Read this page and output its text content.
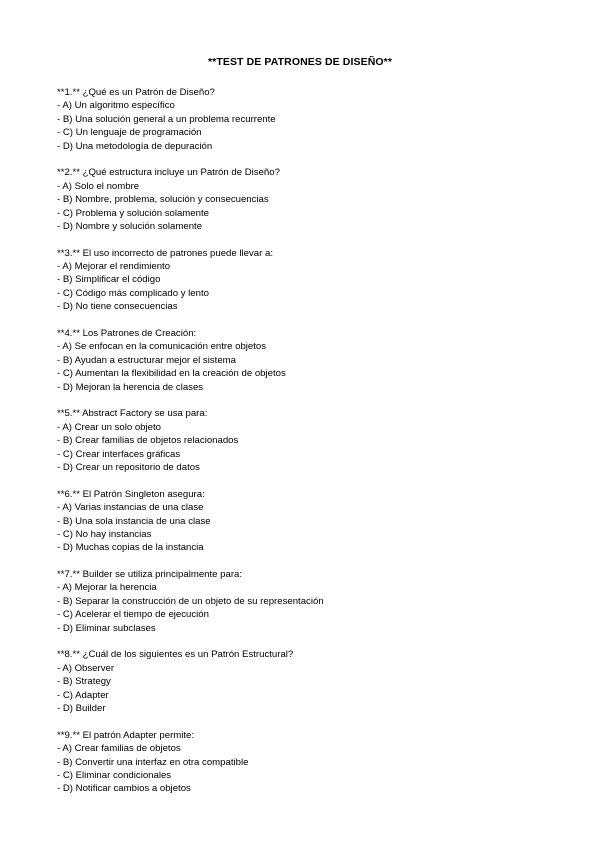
**TEST DE PATRONES DE DISEÑO**
**1.** ¿Qué es un Patrón de Diseño?
- A) Un algoritmo específico
- B) Una solución general a un problema recurrente
- C) Un lenguaje de programación
- D) Una metodología de depuración
**2.** ¿Qué estructura incluye un Patrón de Diseño?
- A) Solo el nombre
- B) Nombre, problema, solución y consecuencias
- C) Problema y solución solamente
- D) Nombre y solución solamente
**3.** El uso incorrecto de patrones puede llevar a:
- A) Mejorar el rendimiento
- B) Simplificar el código
- C) Código más complicado y lento
- D) No tiene consecuencias
**4.** Los Patrones de Creación:
- A) Se enfocan en la comunicación entre objetos
- B) Ayudan a estructurar mejor el sistema
- C) Aumentan la flexibilidad en la creación de objetos
- D) Mejoran la herencia de clases
**5.** Abstract Factory se usa para:
- A) Crear un solo objeto
- B) Crear familias de objetos relacionados
- C) Crear interfaces gráficas
- D) Crear un repositorio de datos
**6.** El Patrón Singleton asegura:
- A) Varias instancias de una clase
- B) Una sola instancia de una clase
- C) No hay instancias
- D) Muchas copias de la instancia
**7.** Builder se utiliza principalmente para:
- A) Mejorar la herencia
- B) Separar la construcción de un objeto de su representación
- C) Acelerar el tiempo de ejecución
- D) Eliminar subclases
**8.** ¿Cuál de los siguientes es un Patrón Estructural?
- A) Observer
- B) Strategy
- C) Adapter
- D) Builder
**9.** El patrón Adapter permite:
- A) Crear familias de objetos
- B) Convertir una interfaz en otra compatible
- C) Eliminar condicionales
- D) Notificar cambios a objetos
